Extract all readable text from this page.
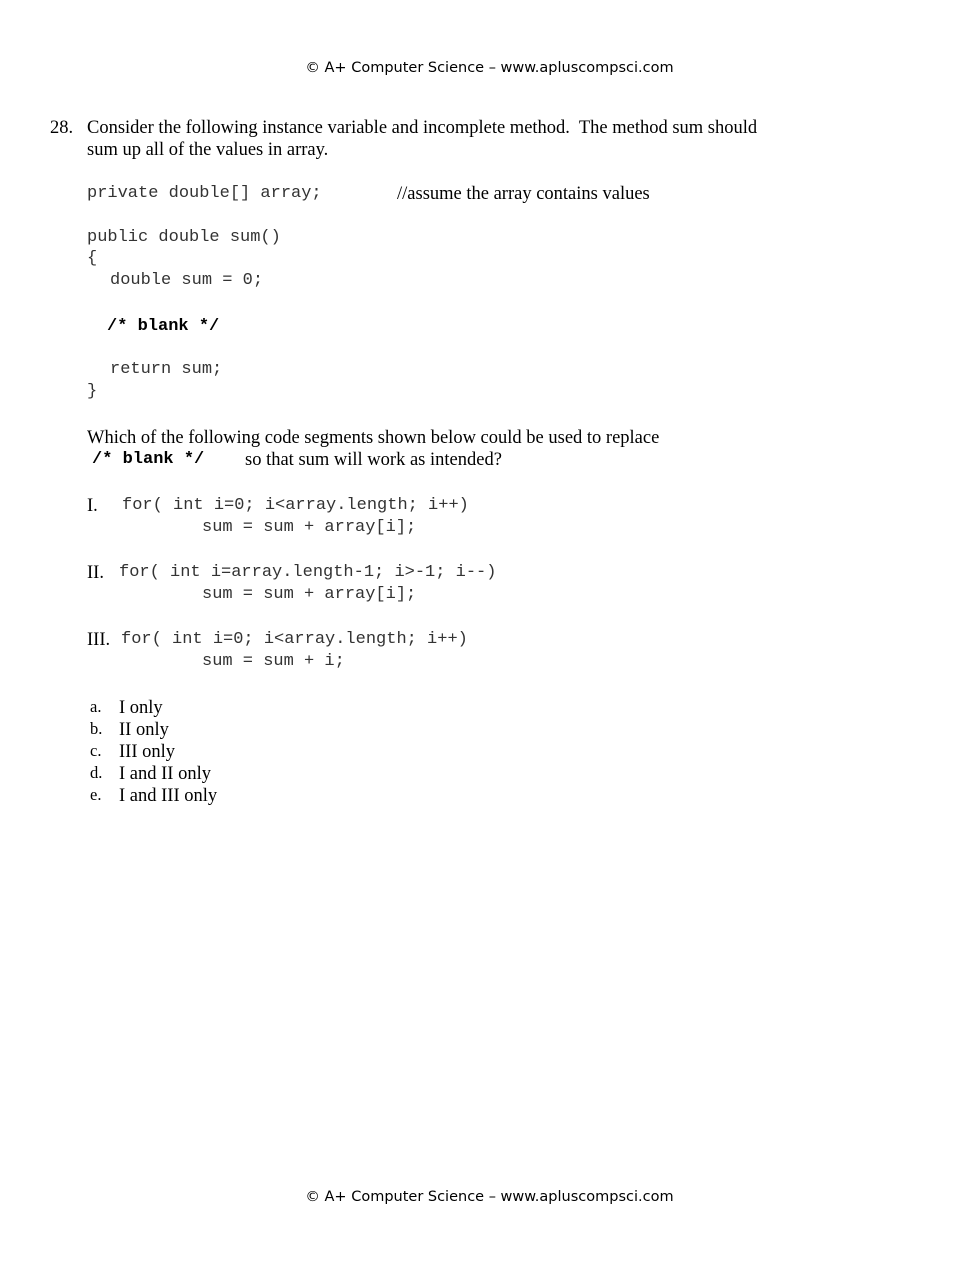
© A+ Computer Science – www.apluscompsci.com
28. Consider the following instance variable and incomplete method.  The method sum should
sum up all of the values in array.
private double[] array;	//assume the array contains values
public double sum()
{
double sum = 0;
/* blank */
return sum;
}
Which of the following code segments shown below could be used to replace
/* blank */ so that sum will work as intended?
I. for( int i=0; i<array.length; i++)
sum = sum + array[i];
II. for( int i=array.length-1; i>-1; i--)
sum = sum + array[i];
III. for( int i=0; i<array.length; i++)
sum = sum + i;
a. I only
b. II only
c. III only
d. I and II only
e. I and III only
© A+ Computer Science – www.apluscompsci.com
